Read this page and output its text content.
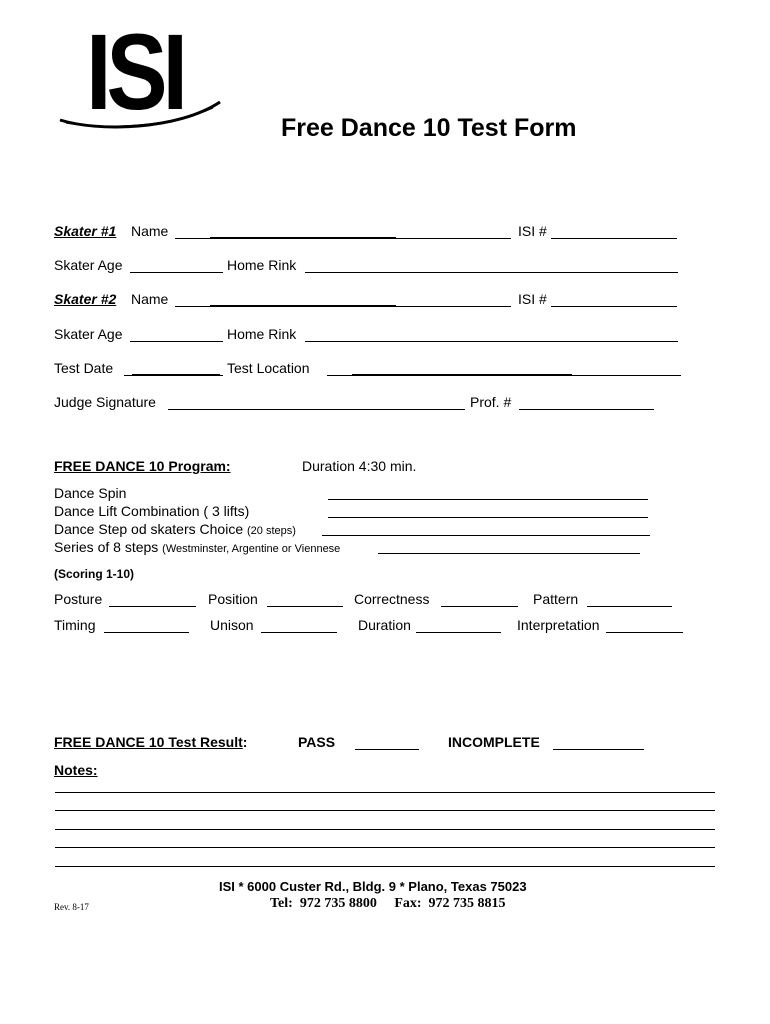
ISI	Free Dance 10 Test Form
Skater #1 Name	ISI #
Skater Age	Home Rink
Skater #2 Name	ISI #
Skater Age	Home Rink
Test Date	Test Location
Judge Signature	Prof. #
FREE DANCE 10 Program:	Duration 4:30 min.
Dance Spin
Dance Lift Combination ( 3 lifts)
Dance Step od skaters Choice (20 steps)
Series of 8 steps (Westminster, Argentine or Viennese
(Scoring 1-10)
Posture	Position	Correctness	Pattern
Timing	Unison	Duration	Interpretation
FREE DANCE 10 Test Result:	PASS	INCOMPLETE
Notes:
ISI * 6000 Custer Rd., Bldg. 9 * Plano, Texas 75023
Tel:  972 735 8800     Fax:  972 735 8815
Rev. 8-17
